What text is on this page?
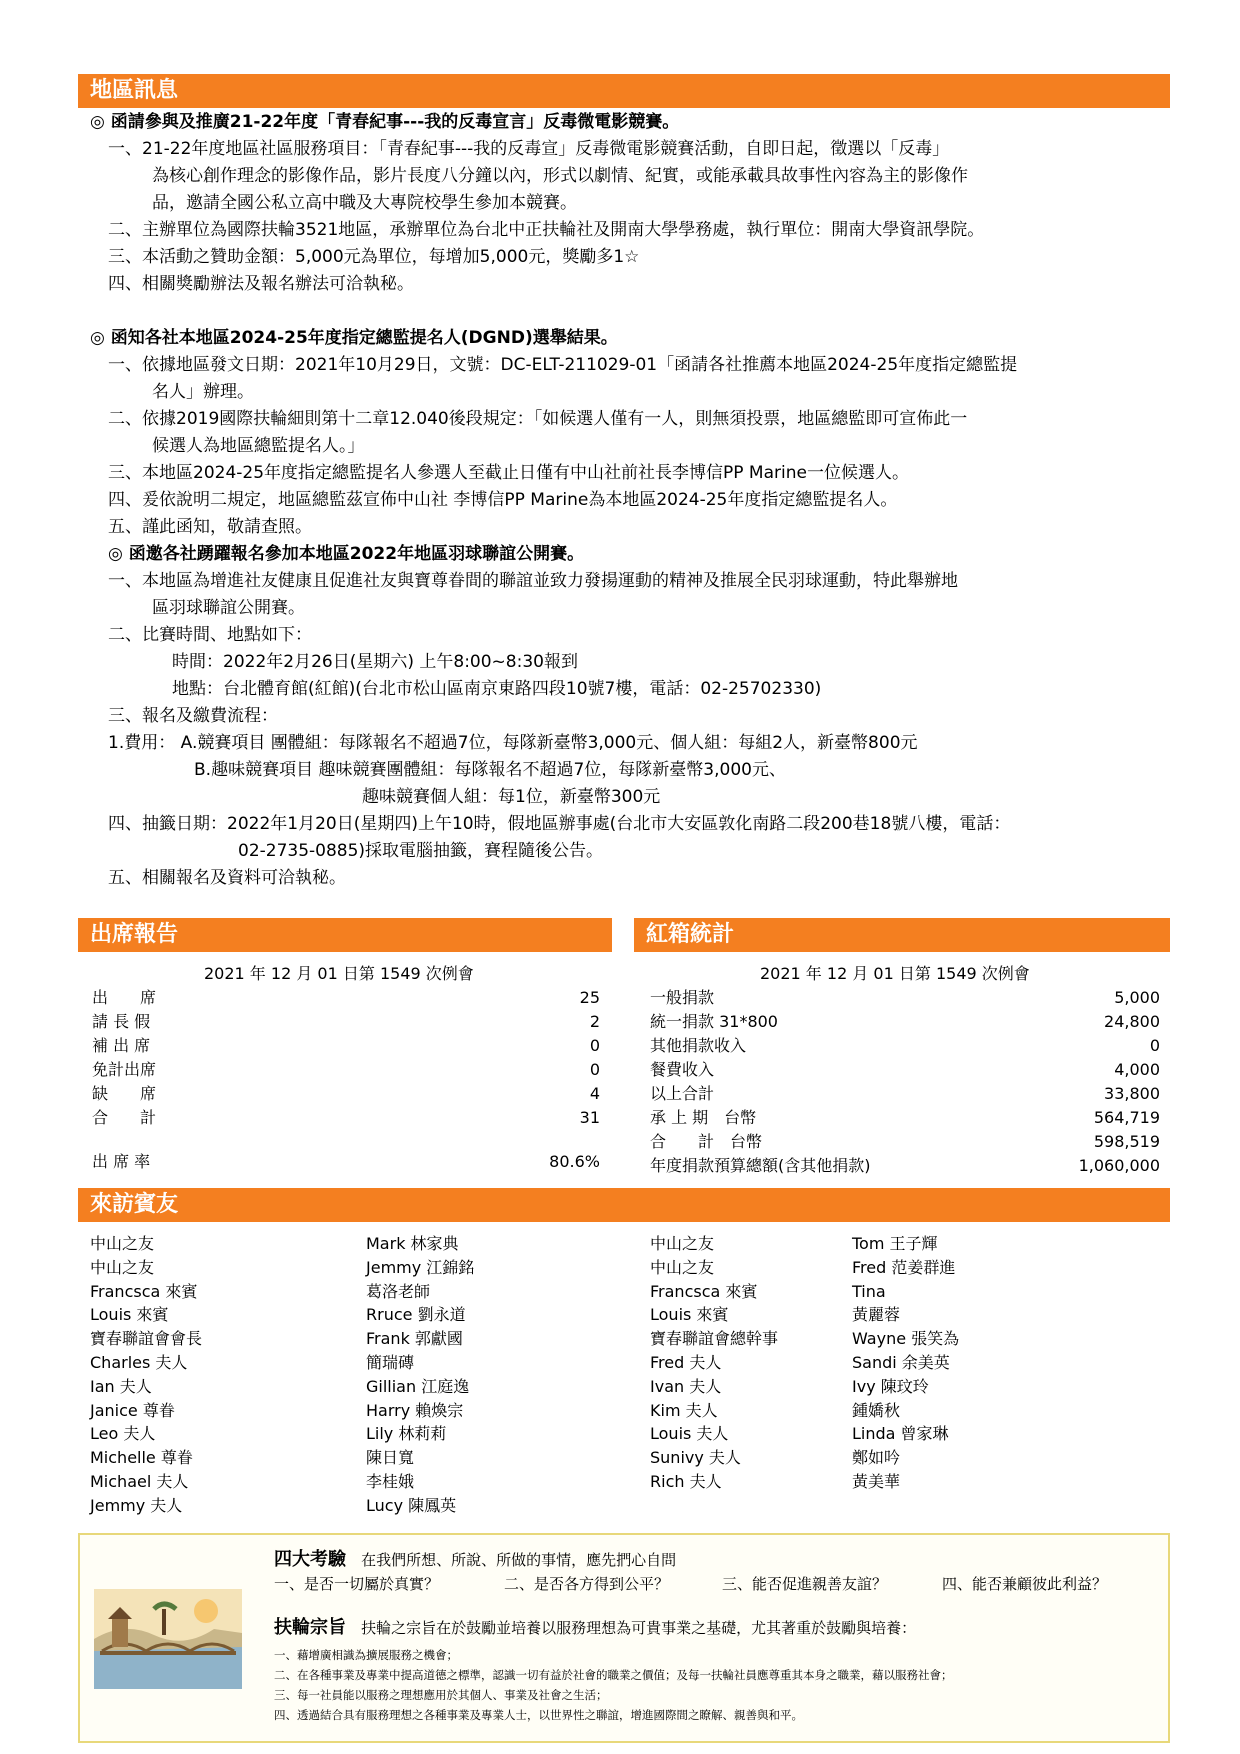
地區訊息
◎ 函請參與及推廣21-22年度「青春紀事---我的反毒宣言」反毒微電影競賽。
一、21-22年度地區社區服務項目：「青春紀事---我的反毒宣」反毒微電影競賽活動，自即日起，徵選以「反毒」
為核心創作理念的影像作品，影片長度八分鐘以內，形式以劇情、紀實，或能承載具故事性內容為主的影像作
品，邀請全國公私立高中職及大專院校學生參加本競賽。
二、主辦單位為國際扶輪3521地區，承辦單位為台北中正扶輪社及開南大學學務處，執行單位：開南大學資訊學院。
三、本活動之贊助金額：5,000元為單位，每增加5,000元，獎勵多1☆
四、相關獎勵辦法及報名辦法可洽執秘。
◎ 函知各社本地區2024-25年度指定總監提名人(DGND)選舉結果。
一、依據地區發文日期：2021年10月29日，文號：DC-ELT-211029-01「函請各社推薦本地區2024-25年度指定總監提
名人」辦理。
二、依據2019國際扶輪細則第十二章12.040後段規定：「如候選人僅有一人，則無須投票，地區總監即可宣佈此一
候選人為地區總監提名人。」
三、本地區2024-25年度指定總監提名人參選人至截止日僅有中山社前社長李博信PP Marine一位候選人。
四、爰依說明二規定，地區總監茲宣佈中山社 李博信PP Marine為本地區2024-25年度指定總監提名人。
五、謹此函知，敬請查照。
◎ 函邀各社踴躍報名參加本地區2022年地區羽球聯誼公開賽。
一、本地區為增進社友健康且促進社友與寶尊眷間的聯誼並致力發揚運動的精神及推展全民羽球運動，特此舉辦地
區羽球聯誼公開賽。
二、比賽時間、地點如下：
時間：2022年2月26日(星期六) 上午8:00~8:30報到
地點：台北體育館(紅館)(台北市松山區南京東路四段10號7樓，電話：02-25702330)
三、報名及繳費流程：
1.費用： A.競賽項目 團體組：每隊報名不超過7位，每隊新臺幣3,000元、個人組：每組2人，新臺幣800元
B.趣味競賽項目 趣味競賽團體組：每隊報名不超過7位，每隊新臺幣3,000元、
趣味競賽個人組：每1位，新臺幣300元
四、抽籤日期：2022年1月20日(星期四)上午10時，假地區辦事處(台北市大安區敦化南路二段200巷18號八樓，電話：
02-2735-0885)採取電腦抽籤，賽程隨後公告。
五、相關報名及資料可洽執秘。
出席報告
2021 年 12 月 01 日第 1549 次例會
出　　席	25
請 長 假	2
補 出 席	0
免計出席	0
缺　　席	4
合　　計	31
出 席 率	80.6%
紅箱統計
2021 年 12 月 01 日第 1549 次例會
一般捐款	5,000
統一捐款 31*800	24,800
其他捐款收入	0
餐費收入	4,000
以上合計	33,800
承 上 期　台幣	564,719
合　　計　台幣	598,519
年度捐款預算總額(含其他捐款)	1,060,000
來訪賓友
中山之友
中山之友
Francsca 來賓
Louis 來賓
寶春聯誼會會長
Charles 夫人
Ian 夫人
Janice 尊眷
Leo 夫人
Michelle 尊眷
Michael 夫人
Jemmy 夫人
Mark 林家典
Jemmy 江錦銘
葛洛老師
Rruce 劉永道
Frank 郭獻國
簡瑞磚
Gillian 江庭逸
Harry 賴煥宗
Lily 林莉莉
陳日寬
李桂娥
Lucy 陳鳳英
中山之友
中山之友
Francsca 來賓
Louis 來賓
寶春聯誼會總幹事
Fred 夫人
Ivan 夫人
Kim 夫人
Louis 夫人
Sunivy 夫人
Rich 夫人
Tom 王子輝
Fred 范姜群進
Tina
黃麗蓉
Wayne 張笑為
Sandi 余美英
Ivy 陳玟玲
鍾嬌秋
Linda 曾家琳
鄭如吟
黃美華
四大考驗 在我們所想、所說、所做的事情，應先捫心自問
一、是否一切屬於真實？	二、是否各方得到公平？	三、能否促進親善友誼？	四、能否兼顧彼此利益？
扶輪宗旨 扶輪之宗旨在於鼓勵並培養以服務理想為可貴事業之基礎，尤其著重於鼓勵與培養：
一、藉增廣相識為擴展服務之機會；
二、在各種事業及專業中提高道德之標準，認識一切有益於社會的職業之價值；及每一扶輪社員應尊重其本身之職業，藉以服務社會；
三、每一社員能以服務之理想應用於其個人、事業及社會之生活；
四、透過結合具有服務理想之各種事業及專業人士，以世界性之聯誼，增進國際間之瞭解、親善與和平。
